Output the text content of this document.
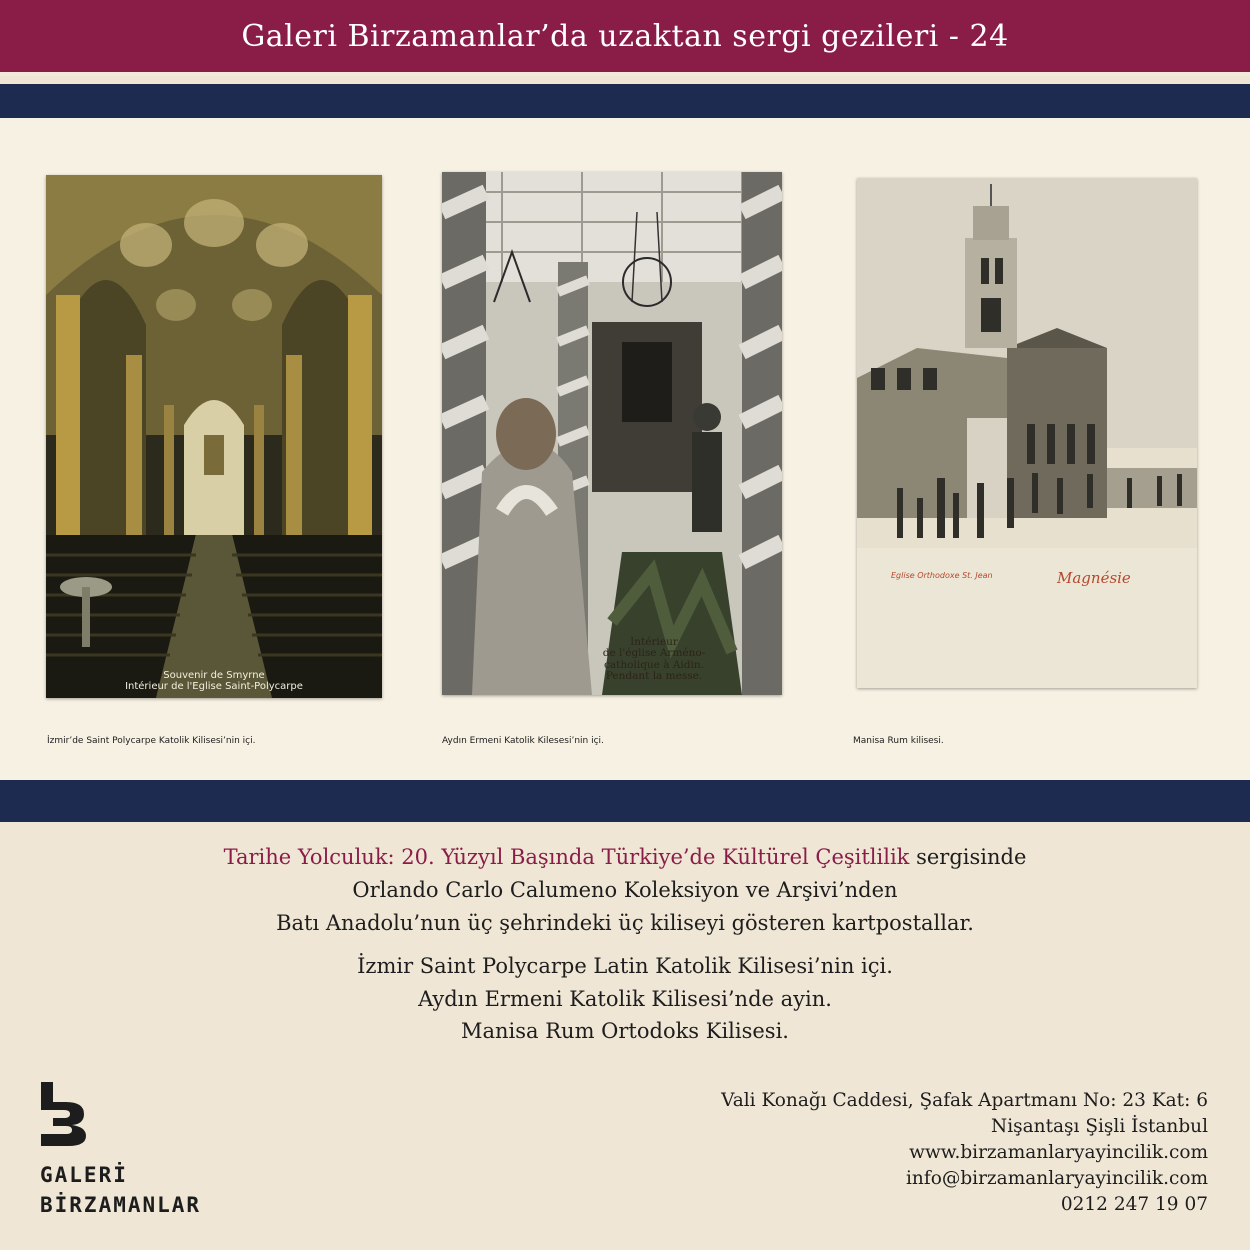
Galeri Birzamanlar’da uzaktan sergi gezileri - 24
Souvenir de Smyrne
Intérieur de l'Eglise Saint-Polycarpe
Intérieur
de l'église Arméno-
catholique à Aidin.
Pendant la messe.
Eglise Orthodoxe St. Jean	Magnésie
İzmir’de Saint Polycarpe Katolik Kilisesi’nin içi.	Aydın Ermeni Katolik Kilesesi’nin içi.	Manisa Rum kilisesi.
Tarihe Yolculuk: 20. Yüzyıl Başında Türkiye’de Kültürel Çeşitlilik sergisinde
Orlando Carlo Calumeno Koleksiyon ve Arşivi’nden
Batı Anadolu’nun üç şehrindeki üç kiliseyi gösteren kartpostallar.
İzmir Saint Polycarpe Latin Katolik Kilisesi’nin içi.
Aydın Ermeni Katolik Kilisesi’nde ayin.
Manisa Rum Ortodoks Kilisesi.
GALERİ
BİRZAMANLAR
Vali Konağı Caddesi, Şafak Apartmanı No: 23 Kat: 6
Nişantaşı Şişli İstanbul
www.birzamanlaryayincilik.com
info@birzamanlaryayincilik.com
0212 247 19 07
